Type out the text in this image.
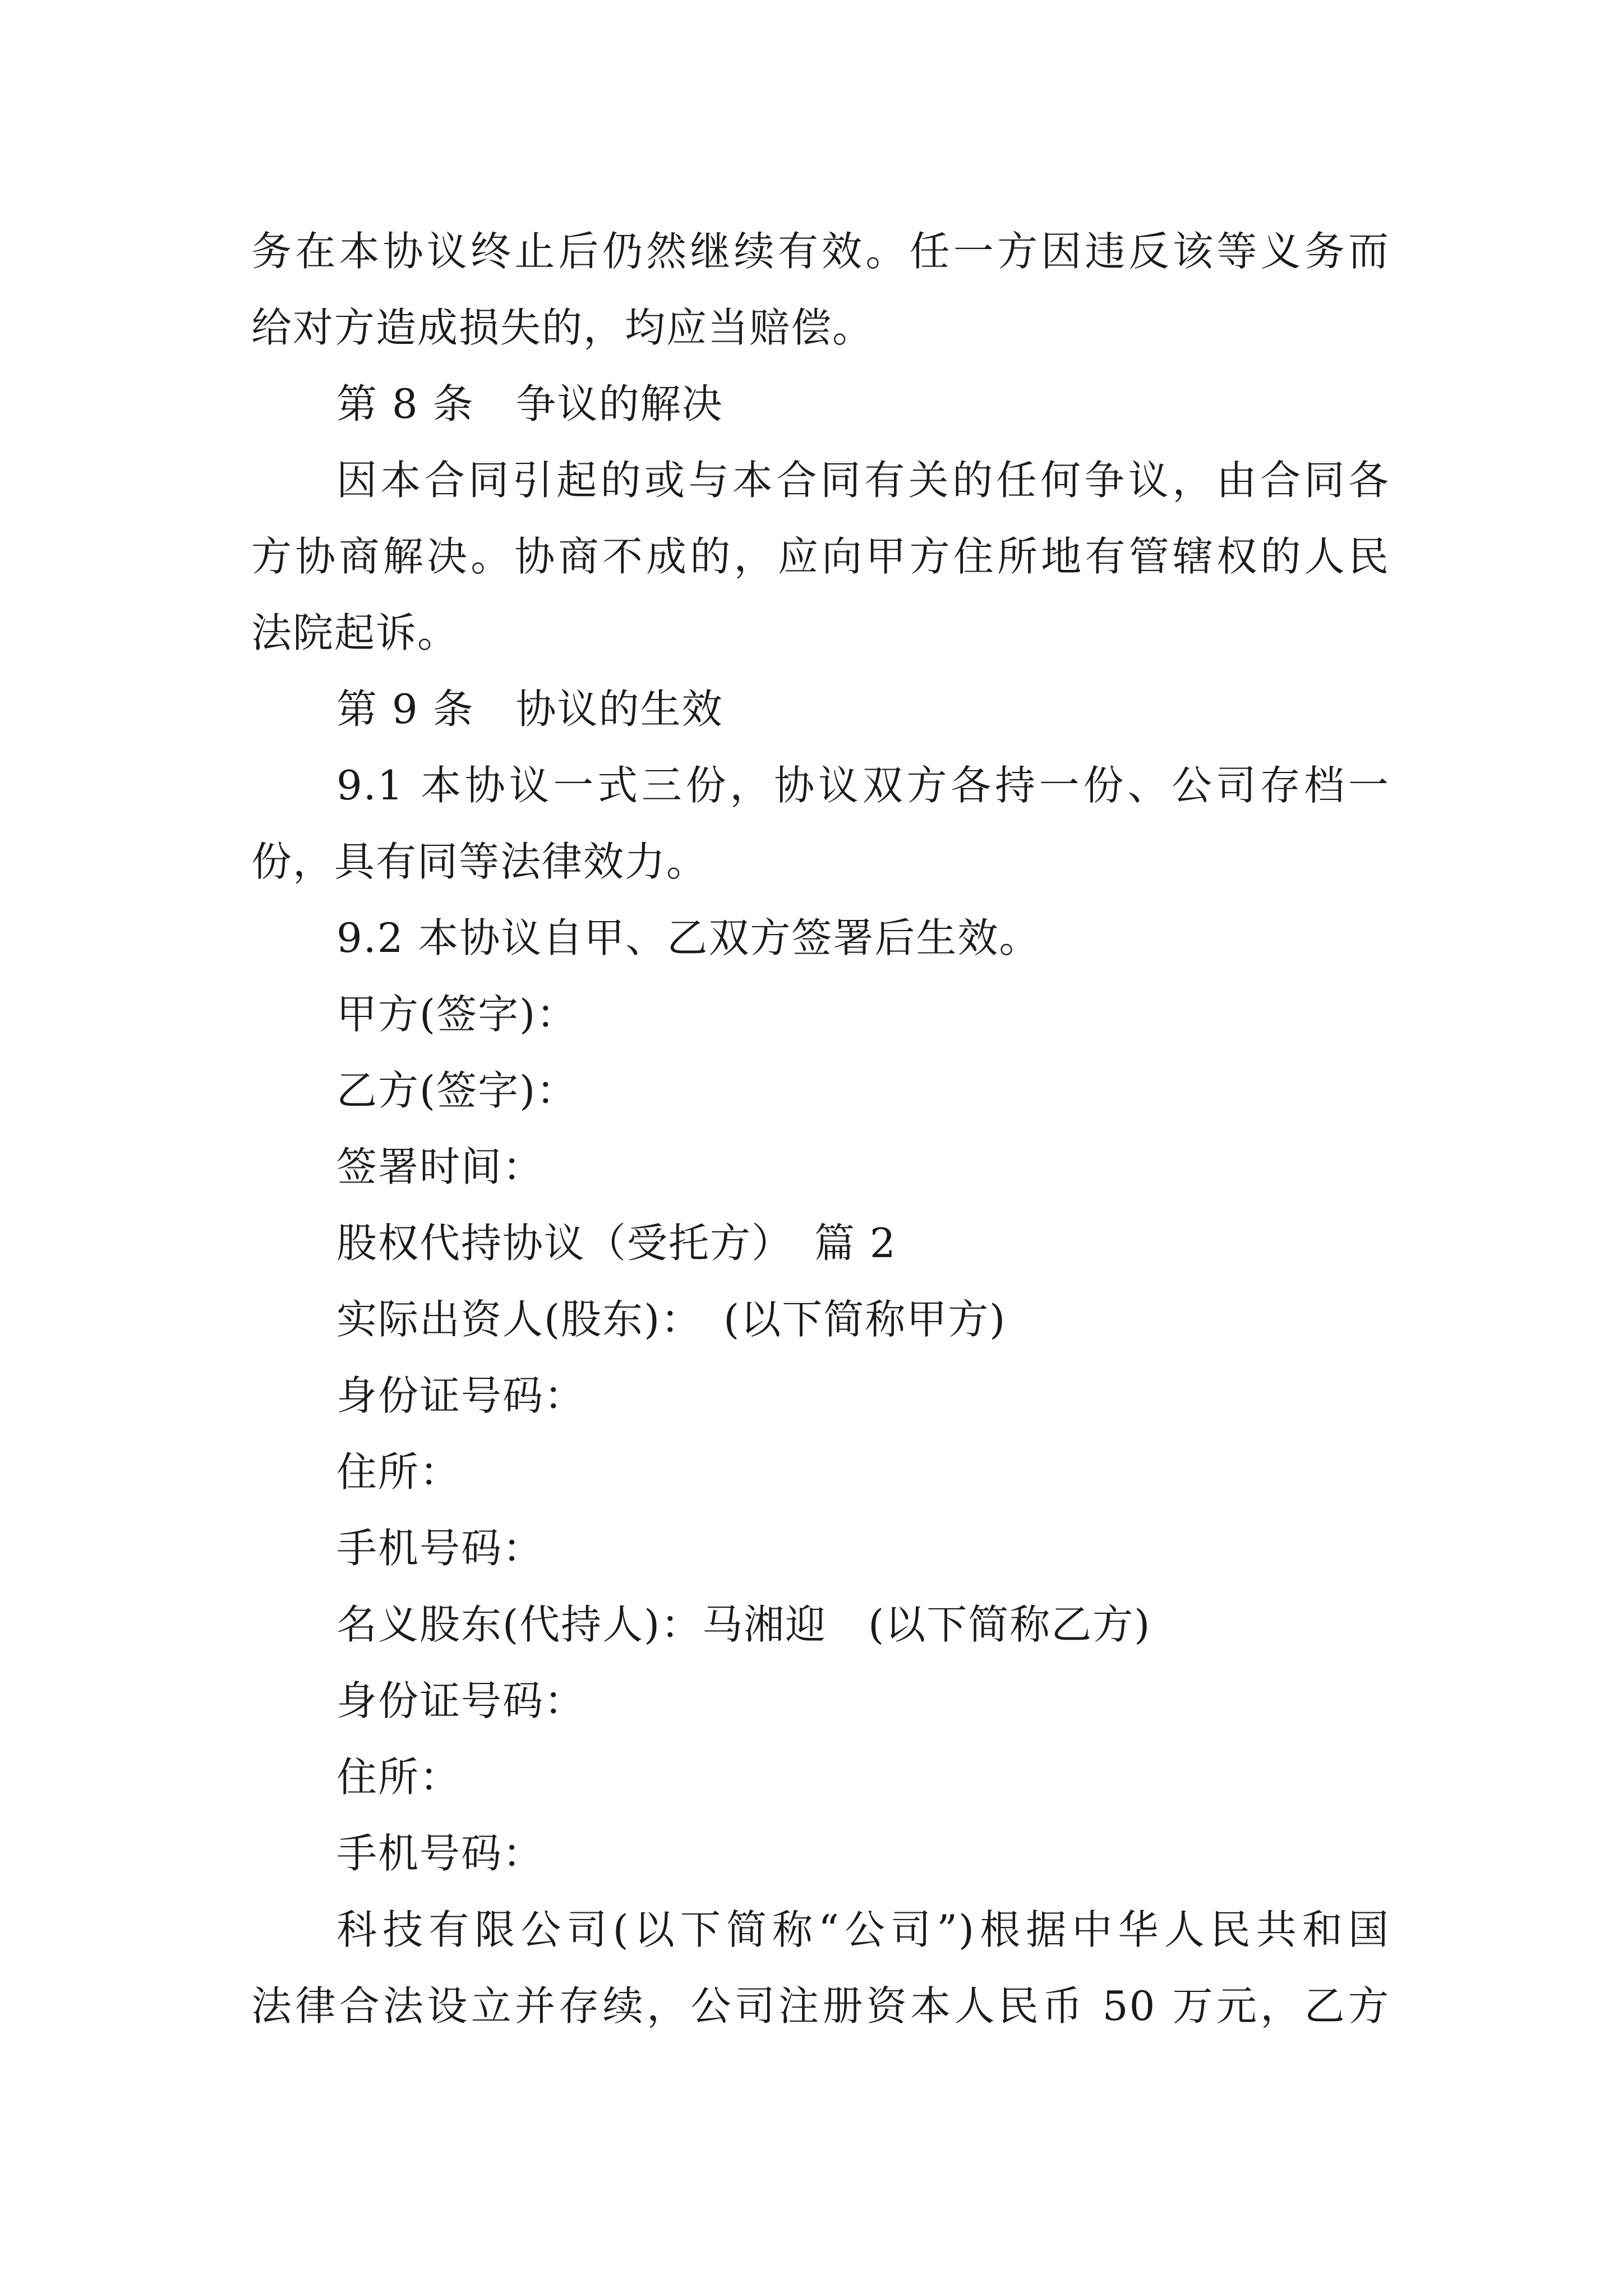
务在本协议终止后仍然继续有效。任一方因违反该等义务而
给对方造成损失的，均应当赔偿。
第 8 条　争议的解决
因本合同引起的或与本合同有关的任何争议，由合同各
方协商解决。协商不成的，应向甲方住所地有管辖权的人民
法院起诉。
第 9 条　协议的生效
9.1 本协议一式三份，协议双方各持一份、公司存档一
份，具有同等法律效力。
9.2 本协议自甲、乙双方签署后生效。
甲方(签字)：
乙方(签字)：
签署时间：
股权代持协议（受托方）　篇 2
实际出资人(股东)：　(以下简称甲方)
身份证号码：
住所：
手机号码：
名义股东(代持人)：马湘迎　(以下简称乙方)
身份证号码：
住所：
手机号码：
科技有限公司(以下简称“公司”)根据中华人民共和国
法律合法设立并存续，公司注册资本人民币 50 万元，乙方
